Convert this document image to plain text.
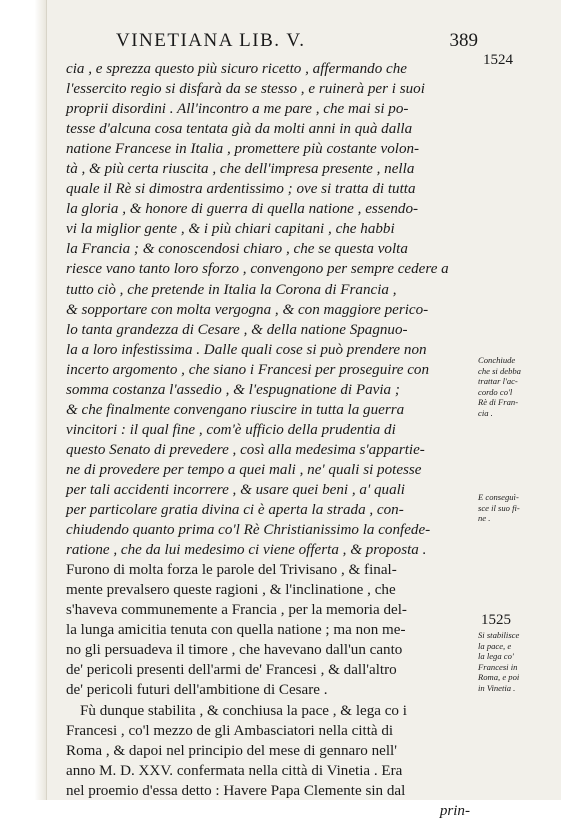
VINETIANA LIB. V.	389
1524
1525
Conchiude
che si debba
trattar l'ac-
cordo co'l
Rè di Fran-
cia .
E conseguì-
sce il suo fi-
ne .
Si stabilisce
la pace, e
la lega co'
Francesi in
Roma, e poi
in Vinetia .
cia , e sprezza questo più sicuro ricetto , affermando che
l'essercito regio si disfarà da se stesso , e ruinerà per i suoi
proprii disordini . All'incontro a me pare , che mai si po-
tesse d'alcuna cosa tentata già da molti anni in quà dalla
natione Francese in Italia , promettere più costante volon-
tà , & più certa riuscita , che dell'impresa presente , nella
quale il Rè si dimostra ardentissimo ; ove si tratta di tutta
la gloria , & honore di guerra di quella natione , essendo-
vi la miglior gente , & i più chiari capitani , che habbi
la Francia ; & conoscendosi chiaro , che se questa volta
riesce vano tanto loro sforzo , convengono per sempre cedere a
tutto ciò , che pretende in Italia la Corona di Francia ,
& sopportare con molta vergogna , & con maggiore perico-
lo tanta grandezza di Cesare , & della natione Spagnuo-
la a loro infestissima . Dalle quali cose si può prendere non
incerto argomento , che siano i Francesi per proseguire con
somma costanza l'assedio , & l'espugnatione di Pavia ;
& che finalmente convengano riuscire in tutta la guerra
vincitori : il qual fine , com'è ufficio della prudentia di
questo Senato di prevedere , così alla medesima s'appartie-
ne di provedere per tempo a quei mali , ne' quali si potesse
per tali accidenti incorrere , & usare quei beni , a' quali
per particolare gratia divina ci è aperta la strada , con-
chiudendo quanto prima co'l Rè Christianissimo la confede-
ratione , che da lui medesimo ci viene offerta , & proposta .
Furono di molta forza le parole del Trivisano , & final-
mente prevalsero queste ragioni , & l'inclinatione , che
s'haveva communemente a Francia , per la memoria del-
la lunga amicitia tenuta con quella natione ; ma non me-
no gli persuadeva il timore , che havevano dall'un canto
de' pericoli presenti dell'armi de' Francesi , & dall'altro
de' pericoli futuri dell'ambitione di Cesare .
Fù dunque stabilita , & conchiusa la pace , & lega co i
Francesi , co'l mezzo de gli Ambasciatori nella città di
Roma , & dapoi nel principio del mese di gennaro nell'
anno M. D. XXV. confermata nella città di Vinetia . Era
nel proemio d'essa detto : Havere Papa Clemente sin dal
prin-
